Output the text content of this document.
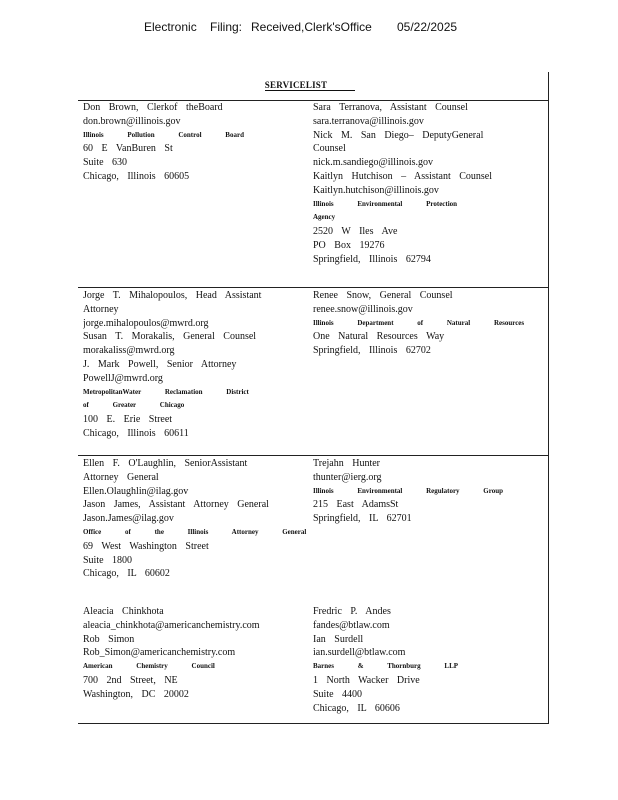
Electronic Filing: Received,Clerk'sOffice 05/22/2025
SERVICELIST
Don Brown, Clerkof theBoard
don.brown@illinois.gov
Illinois Pollution Control Board
60 E VanBuren St
Suite 630
Chicago, Illinois 60605
Sara Terranova, Assistant Counsel
sara.terranova@illinois.gov
Nick M. San Diego– DeputyGeneral
Counsel
nick.m.sandiego@illinois.gov
Kaitlyn Hutchison – Assistant Counsel
Kaitlyn.hutchison@illinois.gov
Illinois Environmental Protection
Agency
2520 W Iles Ave
PO Box 19276
Springfield, Illinois 62794
Jorge T. Mihalopoulos, Head Assistant
Attorney
jorge.mihalopoulos@mwrd.org
Susan T. Morakalis, General Counsel
morakaliss@mwrd.org
J. Mark Powell, Senior Attorney
PowellJ@mwrd.org
MetropolitanWater Reclamation District
of Greater Chicago
100 E. Erie Street
Chicago, Illinois 60611
Renee Snow, General Counsel
renee.snow@illinois.gov
Illinois Department of Natural Resources
One Natural Resources Way
Springfield, Illinois 62702
Ellen F. O'Laughlin, SeniorAssistant
Attorney General
Ellen.Olaughlin@ilag.gov
Jason James, Assistant Attorney General
Jason.James@ilag.gov
Office of the Illinois Attorney General
69 West Washington Street
Suite 1800
Chicago, IL 60602
Trejahn Hunter
thunter@ierg.org
Illinois Environmental Regulatory Group
215 East AdamsSt
Springfield, IL 62701
Aleacia Chinkhota
aleacia_chinkhota@americanchemistry.com
Rob Simon
Rob_Simon@americanchemistry.com
American Chemistry Council
700 2nd Street, NE
Washington, DC 20002
Fredric P. Andes
fandes@btlaw.com
Ian Surdell
ian.surdell@btlaw.com
Barnes & Thornburg LLP
1 North Wacker Drive
Suite 4400
Chicago, IL 60606
